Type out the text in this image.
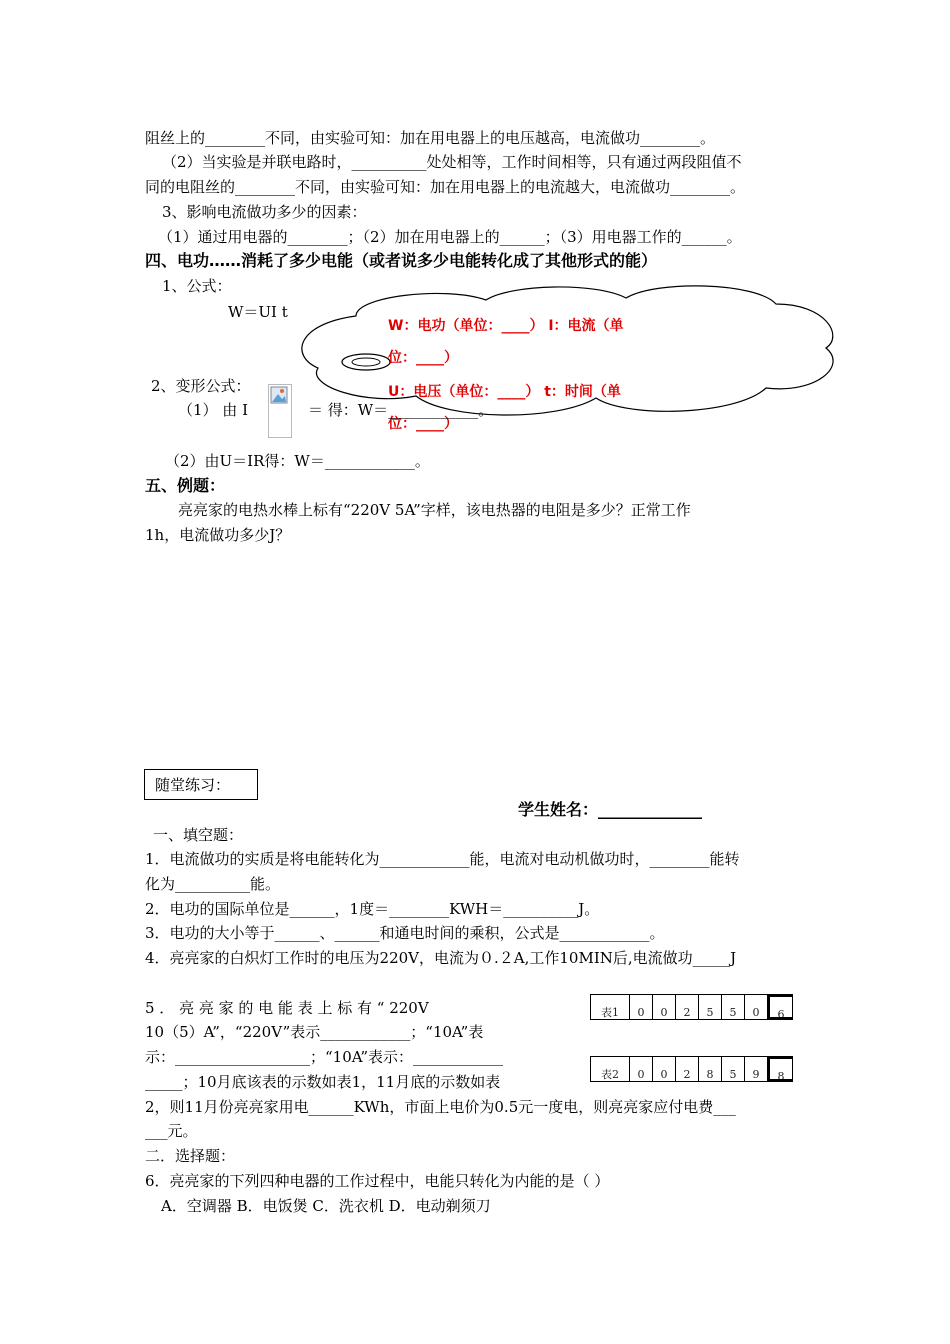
阻丝上的________不同，由实验可知：加在用电器上的电压越高，电流做功________。
（2）当实验是并联电路时，__________处处相等，工作时间相等，只有通过两段阻值不
同的电阻丝的________不同，由实验可知：加在用电器上的电流越大，电流做功________。
3、影响电流做功多少的因素：
（1）通过用电器的________；（2）加在用电器上的______；（3）用电器工作的______。
四、电功……消耗了多少电能（或者说多少电能转化成了其他形式的能）
1、公式：
W＝UI t
W：电功（单位：____） I：电流（单
位：____）
U：电压（单位：____） t：时间（单
位：____）
2、变形公式：
（1） 由 I	＝ 得：W＝____________。
（2）由U＝IR得：W＝____________。
五、例题：
亮亮家的电热水棒上标有“220V 5A”字样，该电热器的电阻是多少？正常工作
1h，电流做功多少J？
随堂练习：
学生姓名：_____________
一、填空题：
1．电流做功的实质是将电能转化为____________能，电流对电动机做功时，________能转
化为__________能。
2．电功的国际单位是______，1度＝________KWH＝__________J。
3．电功的大小等于______、______和通电时间的乘积，公式是____________。
4．亮亮家的白炽灯工作时的电压为220V，电流为０.２A,工作10MIN后,电流做功_____J
5 ． 亮 亮 家 的 电 能 表 上 标 有 “ 220V
10（5）A”，“220V”表示____________；“10A”表
示：__________________；“10A”表示：____________
_____；10月底该表的示数如表1，11月底的示数如表
2，则11月份亮亮家用电______KWh，市面上电价为0.5元一度电，则亮亮家应付电费___
___元。
表1	0	0	2	5	5	0	6
表2	0	0	2	8	5	9	8
二．选择题：
6．亮亮家的下列四种电器的工作过程中，电能只转化为内能的是（ ）
A．空调器 B．电饭煲 C．洗衣机 D．电动剃须刀
